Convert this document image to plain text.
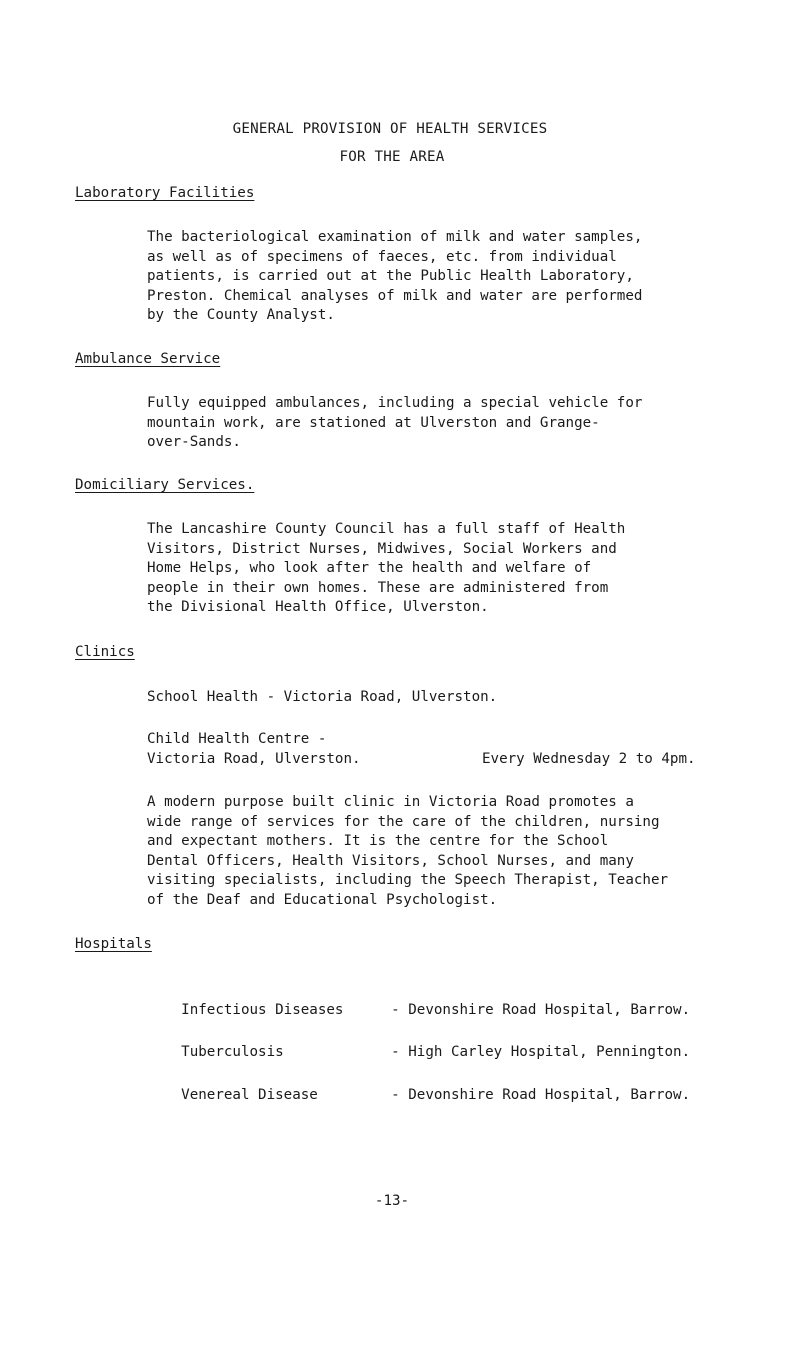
GENERAL PROVISION OF HEALTH SERVICES
FOR THE AREA
Laboratory Facilities

The bacteriological examination of milk and water samples,
as well as of specimens of faeces, etc. from individual
patients, is carried out at the Public Health Laboratory,
Preston. Chemical analyses of milk and water are performed
by the County Analyst.

Ambulance Service

Fully equipped ambulances, including a special vehicle for
mountain work, are stationed at Ulverston and Grange-
over-Sands.

Domiciliary Services.

The Lancashire County Council has a full staff of Health
Visitors, District Nurses, Midwives, Social Workers and
Home Helps, who look after the health and welfare of
people in their own homes. These are administered from
the Divisional Health Office, Ulverston.

Clinics
School Health - Victoria Road, Ulverston.
Child Health Centre -
Victoria Road, Ulverston.	Every Wednesday 2 to 4pm.

A modern purpose built clinic in Victoria Road promotes a
wide range of services for the care of the children, nursing
and expectant mothers. It is the centre for the School
Dental Officers, Health Visitors, School Nurses, and many
visiting specialists, including the Speech Therapist, Teacher
of the Deaf and Educational Psychologist.

Hospitals

Infectious Diseases	- Devonshire Road Hospital, Barrow.

Tuberculosis	- High Carley Hospital, Pennington.

Venereal Disease	- Devonshire Road Hospital, Barrow.

-13-
